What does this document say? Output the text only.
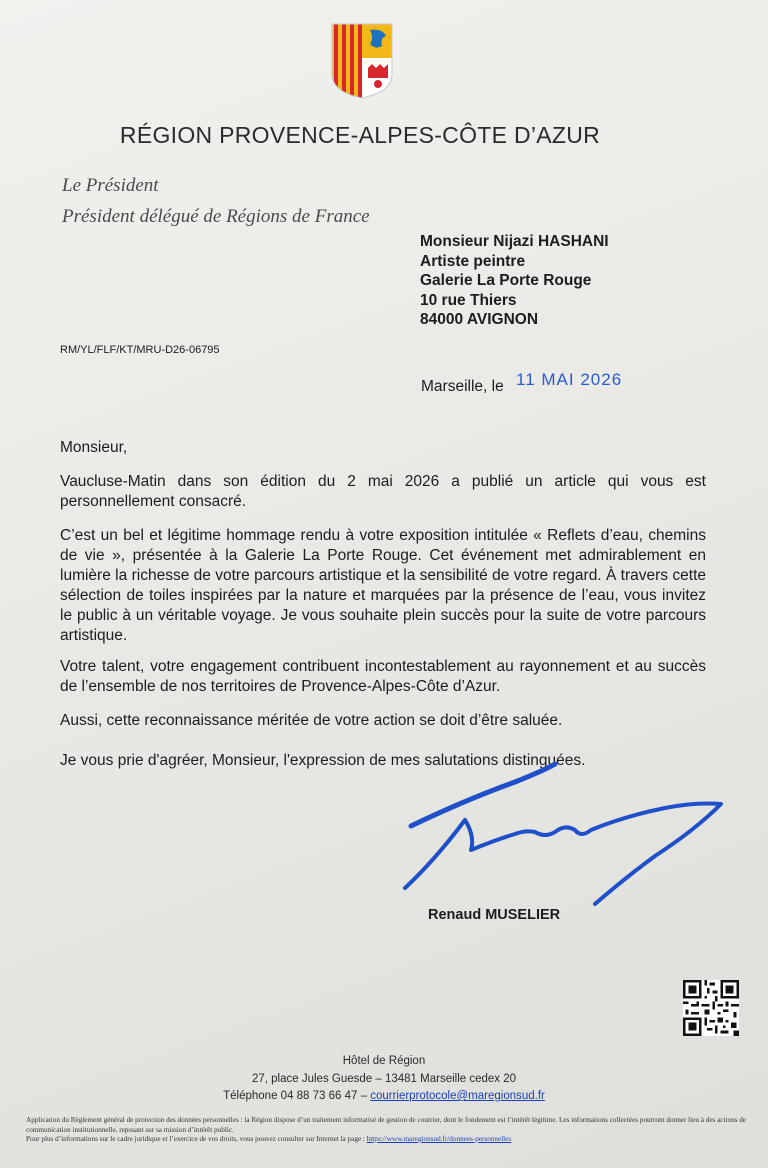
RÉGION PROVENCE-ALPES-CÔTE D’AZUR
Le Président
Président délégué de Régions de France
Monsieur Nijazi HASHANI
Artiste peintre
Galerie La Porte Rouge
10 rue Thiers
84000 AVIGNON
RM/YL/FLF/KT/MRU-D26-06795
Marseille, le 11 MAI 2026

Monsieur,

Vaucluse-Matin dans son édition du 2 mai 2026 a publié un article qui vous est personnellement consacré.

C’est un bel et légitime hommage rendu à votre exposition intitulée « Reflets d’eau, chemins de vie », présentée à la Galerie La Porte Rouge. Cet événement met admirablement en lumière la richesse de votre parcours artistique et la sensibilité de votre regard. À travers cette sélection de toiles inspirées par la nature et marquées par la présence de l’eau, vous invitez le public à un véritable voyage. Je vous souhaite plein succès pour la suite de votre parcours artistique.

Votre talent, votre engagement contribuent incontestablement au rayonnement et au succès de l’ensemble de nos territoires de Provence-Alpes-Côte d’Azur.

Aussi, cette reconnaissance méritée de votre action se doit d’être saluée.

Je vous prie d'agréer, Monsieur, l'expression de mes salutations distinguées.

Renaud MUSELIER
Hôtel de Région
27, place Jules Guesde – 13481 Marseille cedex 20
Téléphone 04 88 73 66 47 – courrierprotocole@maregionsud.fr
Application du Règlement général de protection des données personnelles : la Région dispose d’un traitement informatisé de gestion de courrier, dont le fondement est l’intérêt légitime. Les informations collectées pourront donner lieu à des actions de communication institutionnelle, reposant sur sa mission d’intérêt public.
Pour plus d’informations sur le cadre juridique et l’exercice de vos droits, vous pouvez consulter sur Internet la page : https://www.maregionsud.fr/donnees-personnelles
